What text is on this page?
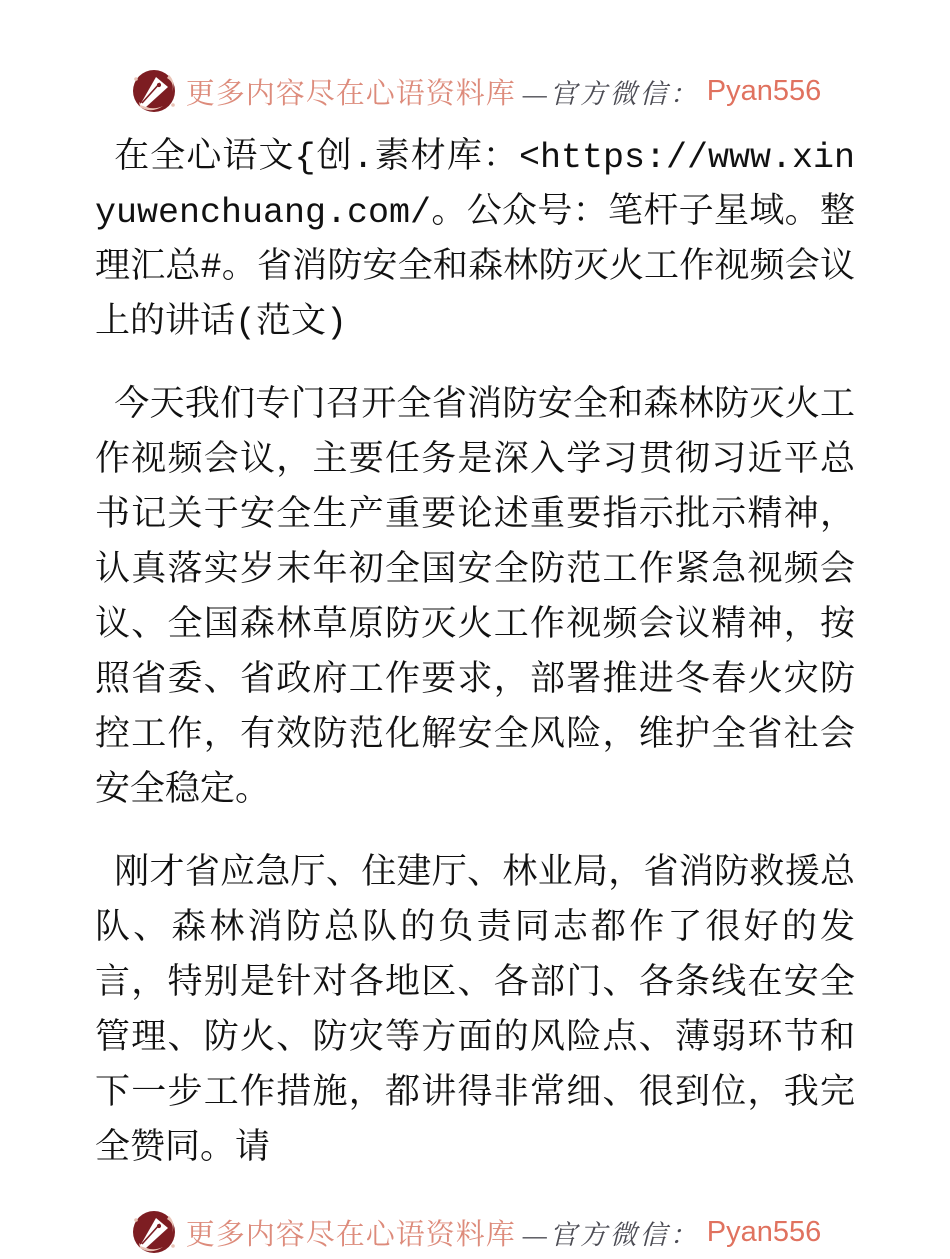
更多内容尽在心语资料库 —官方微信： Pyan556

在全心语文{创.素材库：<https://www.xinyuwenchuang.com/。公众号：笔杆子星域。整理汇总#。省消防安全和森林防灭火工作视频会议上的讲话(范文)

今天我们专门召开全省消防安全和森林防灭火工作视频会议，主要任务是深入学习贯彻习近平总书记关于安全生产重要论述重要指示批示精神，认真落实岁末年初全国安全防范工作紧急视频会议、全国森林草原防灭火工作视频会议精神，按照省委、省政府工作要求，部署推进冬春火灾防控工作，有效防范化解安全风险，维护全省社会安全稳定。

刚才省应急厅、住建厅、林业局，省消防救援总队、森林消防总队的负责同志都作了很好的发言，特别是针对各地区、各部门、各条线在安全管理、防火、防灾等方面的风险点、薄弱环节和下一步工作措施，都讲得非常细、很到位，我完全赞同。请

更多内容尽在心语资料库 —官方微信： Pyan556
